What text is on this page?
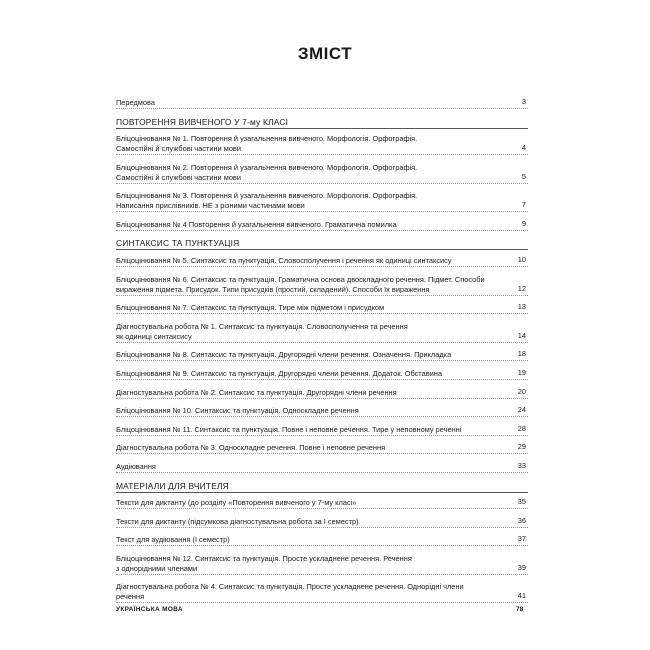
ЗМІСТ
Передмова	3
ПОВТОРЕННЯ ВИВЧЕНОГО У 7-му КЛАСІ
Бліцоцінювання № 1. Повторення й узагальнення вивченого. Морфологія. Орфографія.
Самостійні й службові частини мови	4
Бліцоцінювання № 2. Повторення й узагальнення вивченого. Морфологія. Орфографія.
Самостійні й службові частини мови	5
Бліцоцінювання № 3. Повторення й узагальнення вивченого. Морфологія. Орфографія.
Написання прислівників. НЕ з різними частинами мови	7
Бліцоцінювання № 4 Повторення й узагальнення вивченого. Граматична помилка	9
СИНТАКСИС ТА ПУНКТУАЦІЯ
Бліцоцінювання № 5. Синтаксис та пунктуація. Словосполучення і речення як одиниці синтаксису	10
Бліцоцінювання № 6. Синтаксис та пунктуація. Граматична основа двоскладного речення. Підмет. Способи
вираження підмета. Присудок. Типи присудків (простий, складений). Способи їх вираження	12
Бліцоцінювання № 7. Синтаксис та пунктуація. Тире між підметом і присудком	13
Діагностувальна робота № 1. Синтаксис та пунктуація. Словосполучення та речення
як одиниці синтаксису	14
Бліцоцінювання № 8. Синтаксис та пунктуація. Другорядні члени речення. Означення. Прикладка	18
Бліцоцінювання № 9. Синтаксис та пунктуація. Другорядні члени речення. Додаток. Обставина	19
Діагностувальна робота № 2. Синтаксис та пунктуація. Другорядні члени речення	20
Бліцоцінювання № 10. Синтаксис та пунктуація. Односкладне речення	24
Бліцоцінювання № 11. Синтаксис та пунктуація. Повне і неповне речення. Тире у неповному реченні	28
Діагностувальна робота № 3. Односкладне речення. Повне і неповне речення	29
Аудіювання	33
МАТЕРІАЛИ ДЛЯ ВЧИТЕЛЯ
Тексти для диктанту (до розділу «Повторення вивченого у 7-му класі»	35
Тексти для диктанту (підсумкова діагностувальна робота за І семестр)	36
Текст для аудіювання (І семестр)	37
Бліцоцінювання № 12. Синтаксис та пунктуація. Просте ускладнене речення. Речення
з однорідними членами	39
Діагностувальна робота № 4. Синтаксис та пунктуація. Просте ускладнене речення. Однорідні члени
речення	41
УКРАЇНСЬКА МОВА	78
